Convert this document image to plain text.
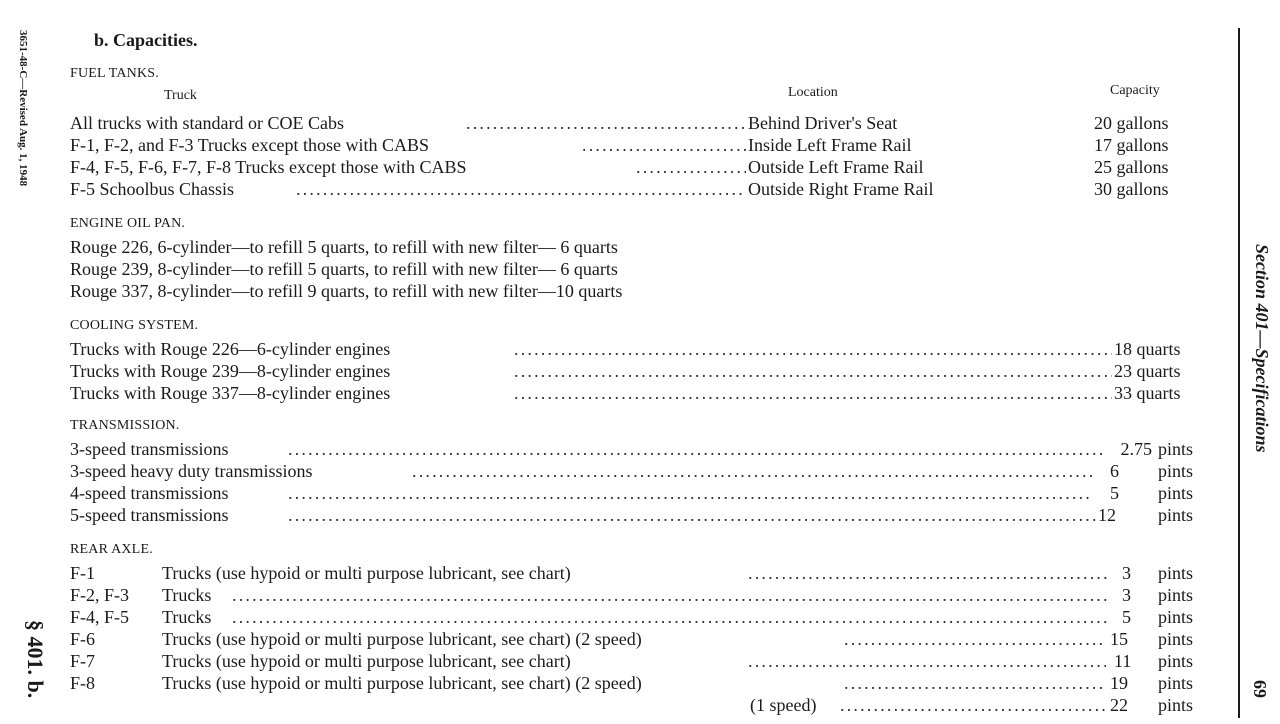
3651-48-C—Revised Aug. 1, 1948
§ 401. b.
Section 401—Specifications
69
b. Capacities.
FUEL TANKS.
Truck	Location	Capacity
All trucks with standard or COE Cabs .....	Behind Driver's Seat	20 gallons
F-1, F-2, and F-3 Trucks except those with CABS .....	Inside Left Frame Rail	17 gallons
F-4, F-5, F-6, F-7, F-8 Trucks except those with CABS .....	Outside Left Frame Rail	25 gallons
F-5 Schoolbus Chassis .....	Outside Right Frame Rail	30 gallons
ENGINE OIL PAN.
Rouge 226, 6-cylinder—to refill 5 quarts, to refill with new filter— 6 quarts
Rouge 239, 8-cylinder—to refill 5 quarts, to refill with new filter— 6 quarts
Rouge 337, 8-cylinder—to refill 9 quarts, to refill with new filter—10 quarts
COOLING SYSTEM.
Trucks with Rouge 226—6-cylinder engines .....	18 quarts
Trucks with Rouge 239—8-cylinder engines .....	23 quarts
Trucks with Rouge 337—8-cylinder engines .....	33 quarts
TRANSMISSION.
3-speed transmissions .....	2.75 pints
3-speed heavy duty transmissions .....	6 pints
4-speed transmissions .....	5 pints
5-speed transmissions .....	12 pints
REAR AXLE.
F-1	Trucks (use hypoid or multi purpose lubricant, see chart) .....	3 pints
F-2, F-3 Trucks .....	3 pints
F-4, F-5 Trucks .....	5 pints
F-6	Trucks (use hypoid or multi purpose lubricant, see chart) (2 speed) .....	15 pints
F-7	Trucks (use hypoid or multi purpose lubricant, see chart) .....	11 pints
F-8	Trucks (use hypoid or multi purpose lubricant, see chart) (2 speed) .....	19 pints
(1 speed) .....	22 pints
